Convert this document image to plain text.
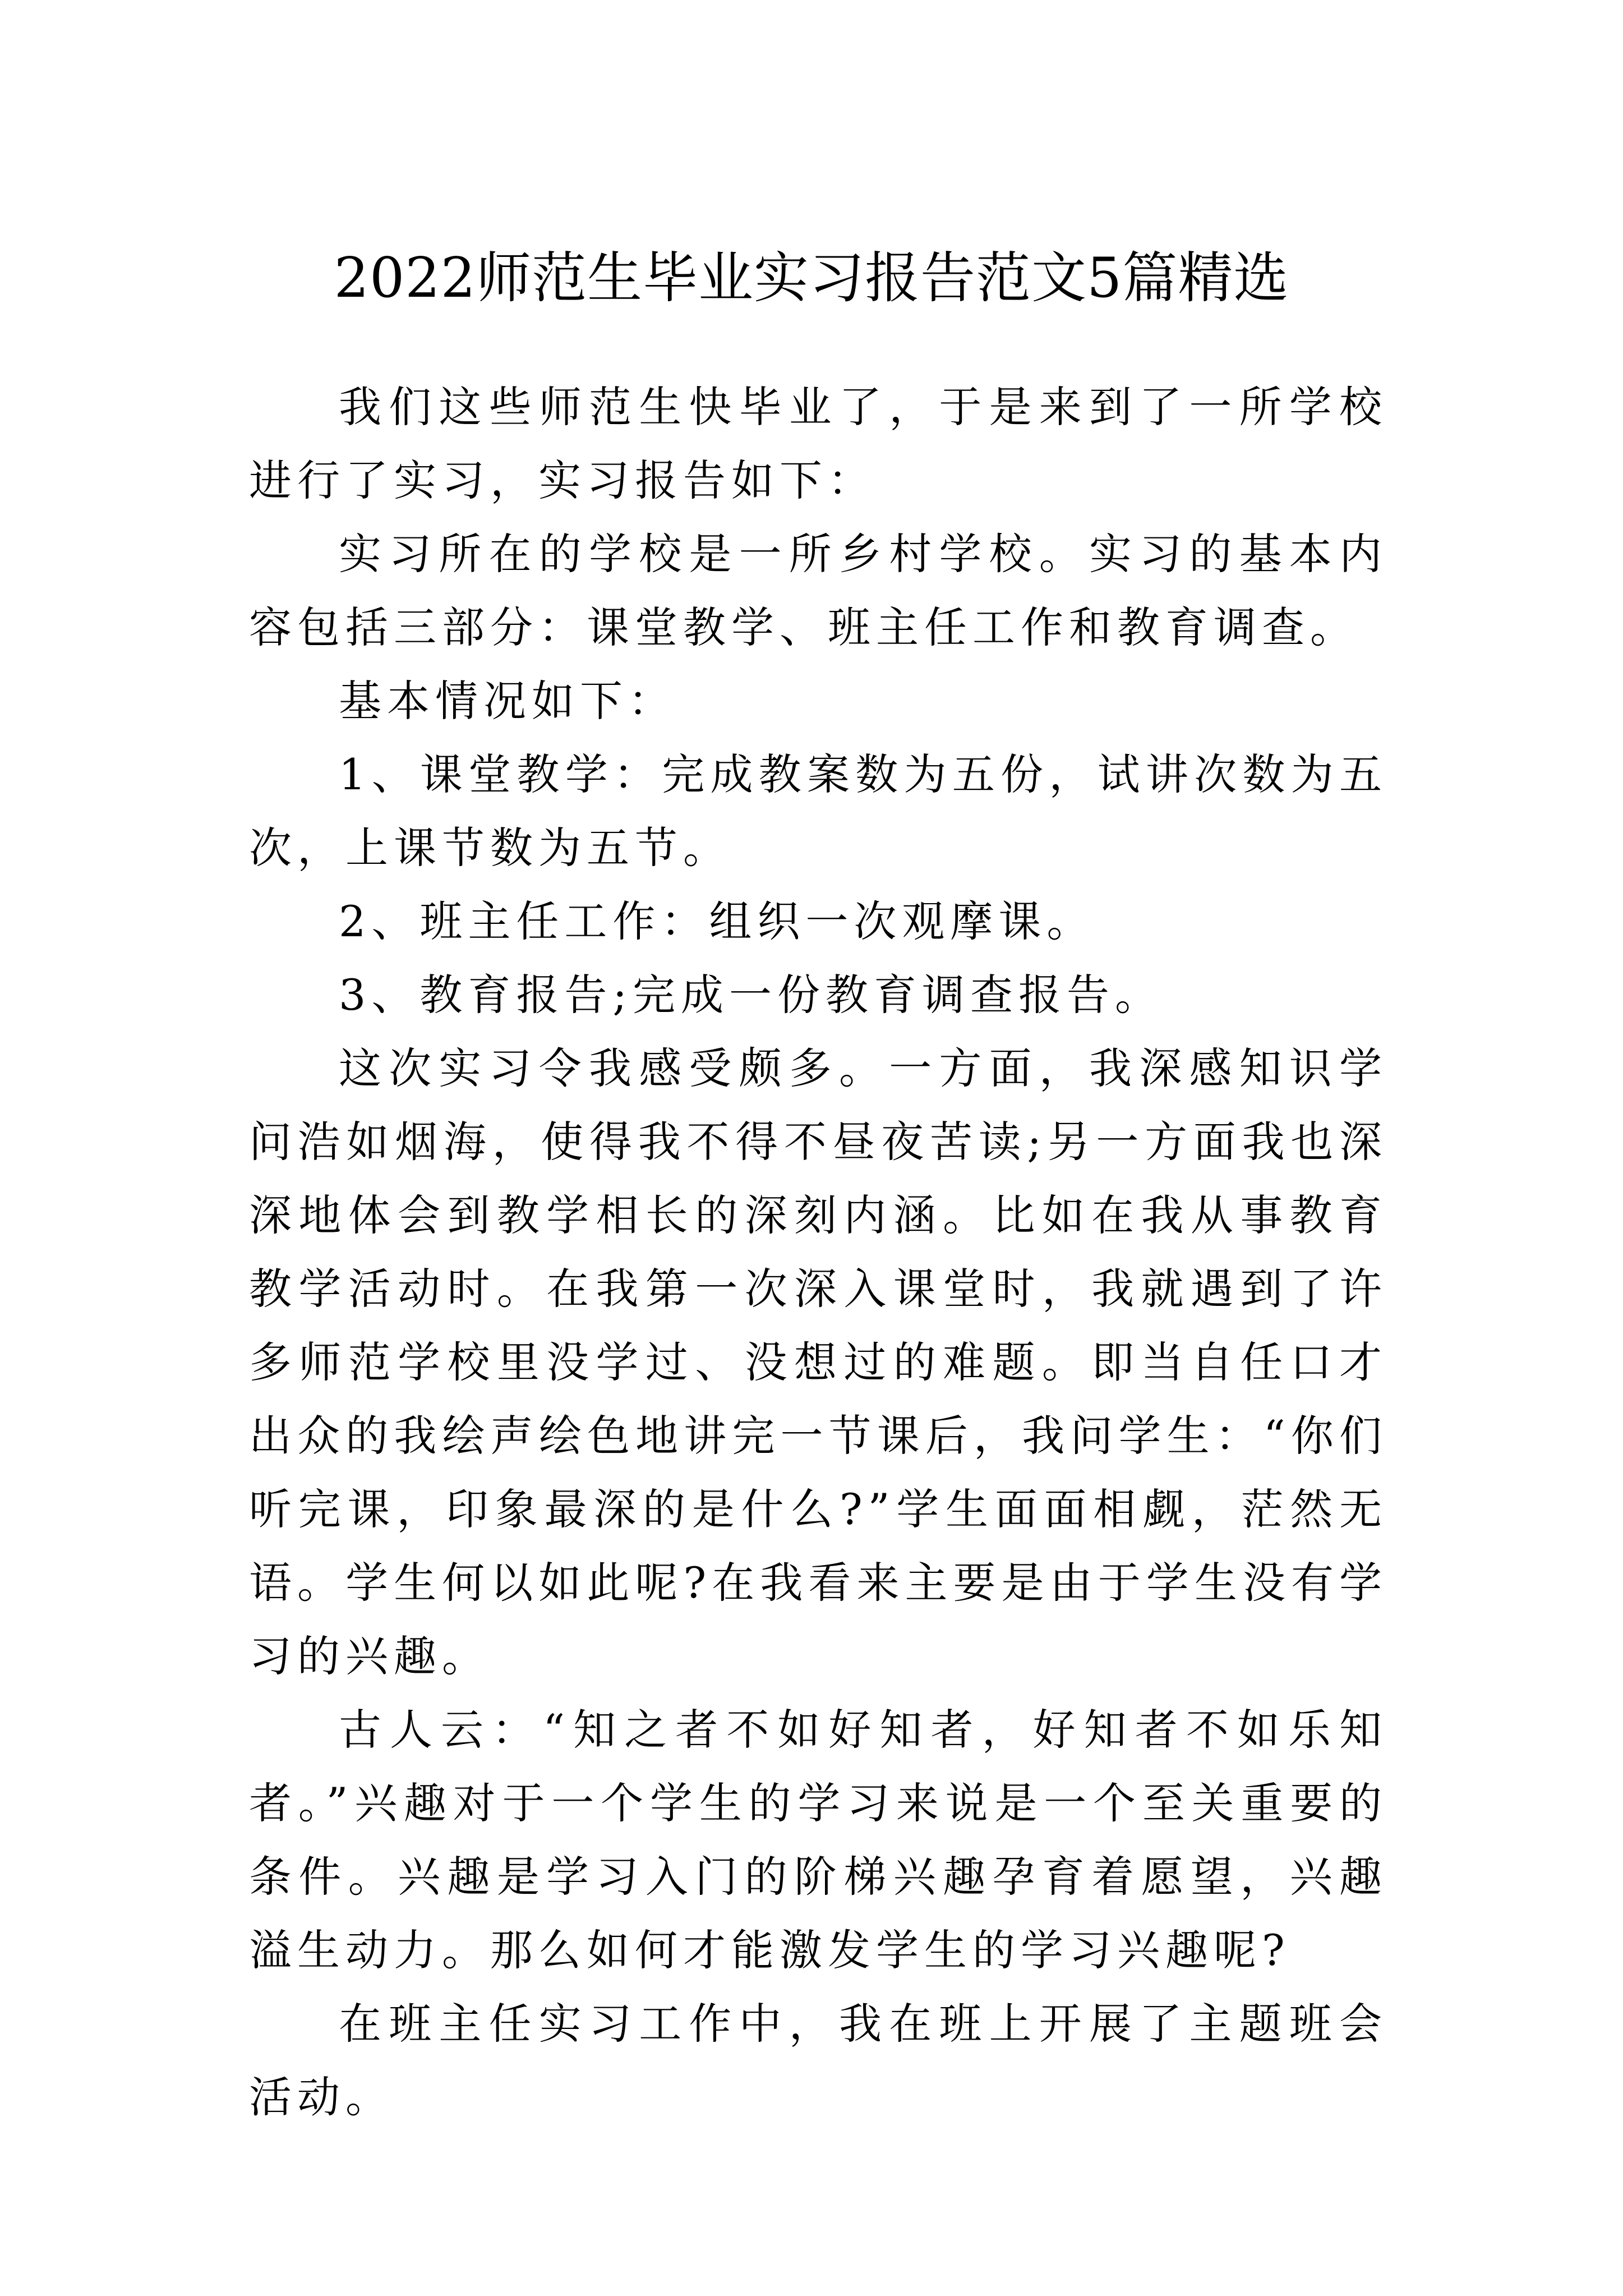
2022师范生毕业实习报告范文5篇精选

我们这些师范生快毕业了，于是来到了一所学校进行了实习，实习报告如下：

实习所在的学校是一所乡村学校。实习的基本内容包括三部分：课堂教学、班主任工作和教育调查。

基本情况如下：

1、课堂教学：完成教案数为五份，试讲次数为五次，上课节数为五节。

2、班主任工作：组织一次观摩课。

3、教育报告;完成一份教育调查报告。

这次实习令我感受颇多。一方面，我深感知识学问浩如烟海，使得我不得不昼夜苦读;另一方面我也深深地体会到教学相长的深刻内涵。比如在我从事教育教学活动时。在我第一次深入课堂时，我就遇到了许多师范学校里没学过、没想过的难题。即当自任口才出众的我绘声绘色地讲完一节课后，我问学生：“你们听完课，印象最深的是什么?”学生面面相觑，茫然无语。学生何以如此呢?在我看来主要是由于学生没有学习的兴趣。

古人云：“知之者不如好知者，好知者不如乐知者。”兴趣对于一个学生的学习来说是一个至关重要的条件。兴趣是学习入门的阶梯兴趣孕育着愿望，兴趣溢生动力。那么如何才能激发学生的学习兴趣呢?

在班主任实习工作中，我在班上开展了主题班会活动。
